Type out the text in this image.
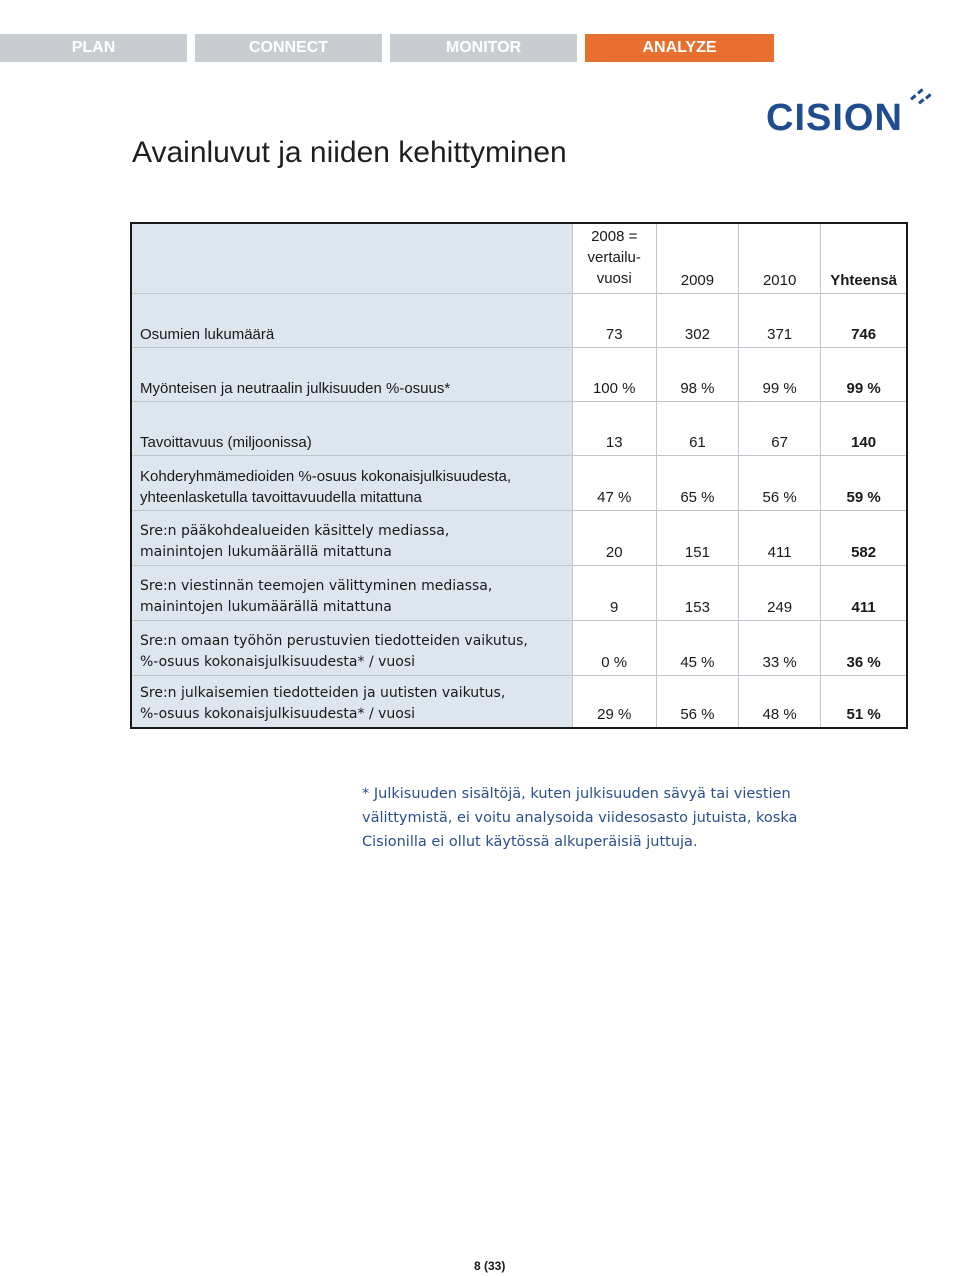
PLAN	CONNECT	MONITOR	ANALYZE
CISION
Avainluvut ja niiden kehittyminen

	2008 =
vertailu-
vuosi	2009	2010	Yhteensä

Osumien lukumäärä	73	302	371	746

Myönteisen ja neutraalin julkisuuden %-osuus*	100 %	98 %	99 %	99 %

Tavoittavuus (miljoonissa)	13	61	67	140

Kohderyhmämedioiden %-osuus kokonaisjulkisuudesta,
yhteenlasketulla tavoittavuudella mitattuna	47 %	65 %	56 %	59 %

Sre:n pääkohdealueiden käsittely mediassa,
mainintojen lukumäärällä mitattuna	20	151	411	582

Sre:n viestinnän teemojen välittyminen mediassa,
mainintojen lukumäärällä mitattuna	9	153	249	411

Sre:n omaan työhön perustuvien tiedotteiden vaikutus,
%-osuus kokonaisjulkisuudesta* / vuosi	0 %	45 %	33 %	36 %

Sre:n julkaisemien tiedotteiden ja uutisten vaikutus,
%-osuus kokonaisjulkisuudesta* / vuosi	29 %	56 %	48 %	51 %
* Julkisuuden sisältöjä, kuten julkisuuden sävyä tai viestien
välittymistä, ei voitu analysoida viidesosasto jutuista, koska
Cisionilla ei ollut käytössä alkuperäisiä juttuja.
8 (33)
